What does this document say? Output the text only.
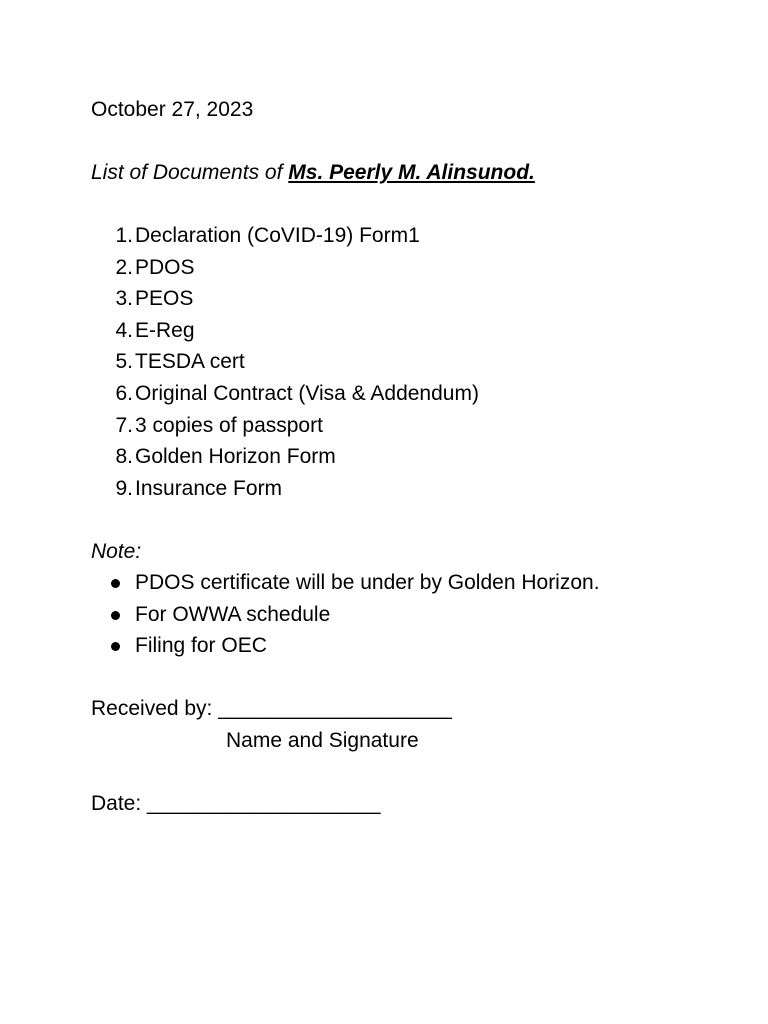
October 27, 2023
List of Documents of Ms. Peerly M. Alinsunod.
1. Declaration (CoVID-19) Form1
2. PDOS
3. PEOS
4. E-Reg
5. TESDA cert
6. Original Contract (Visa & Addendum)
7. 3 copies of passport
8. Golden Horizon Form
9. Insurance Form
Note:
PDOS certificate will be under by Golden Horizon.
For OWWA schedule
Filing for OEC
Received by: ____________________
Name and Signature
Date: ____________________
